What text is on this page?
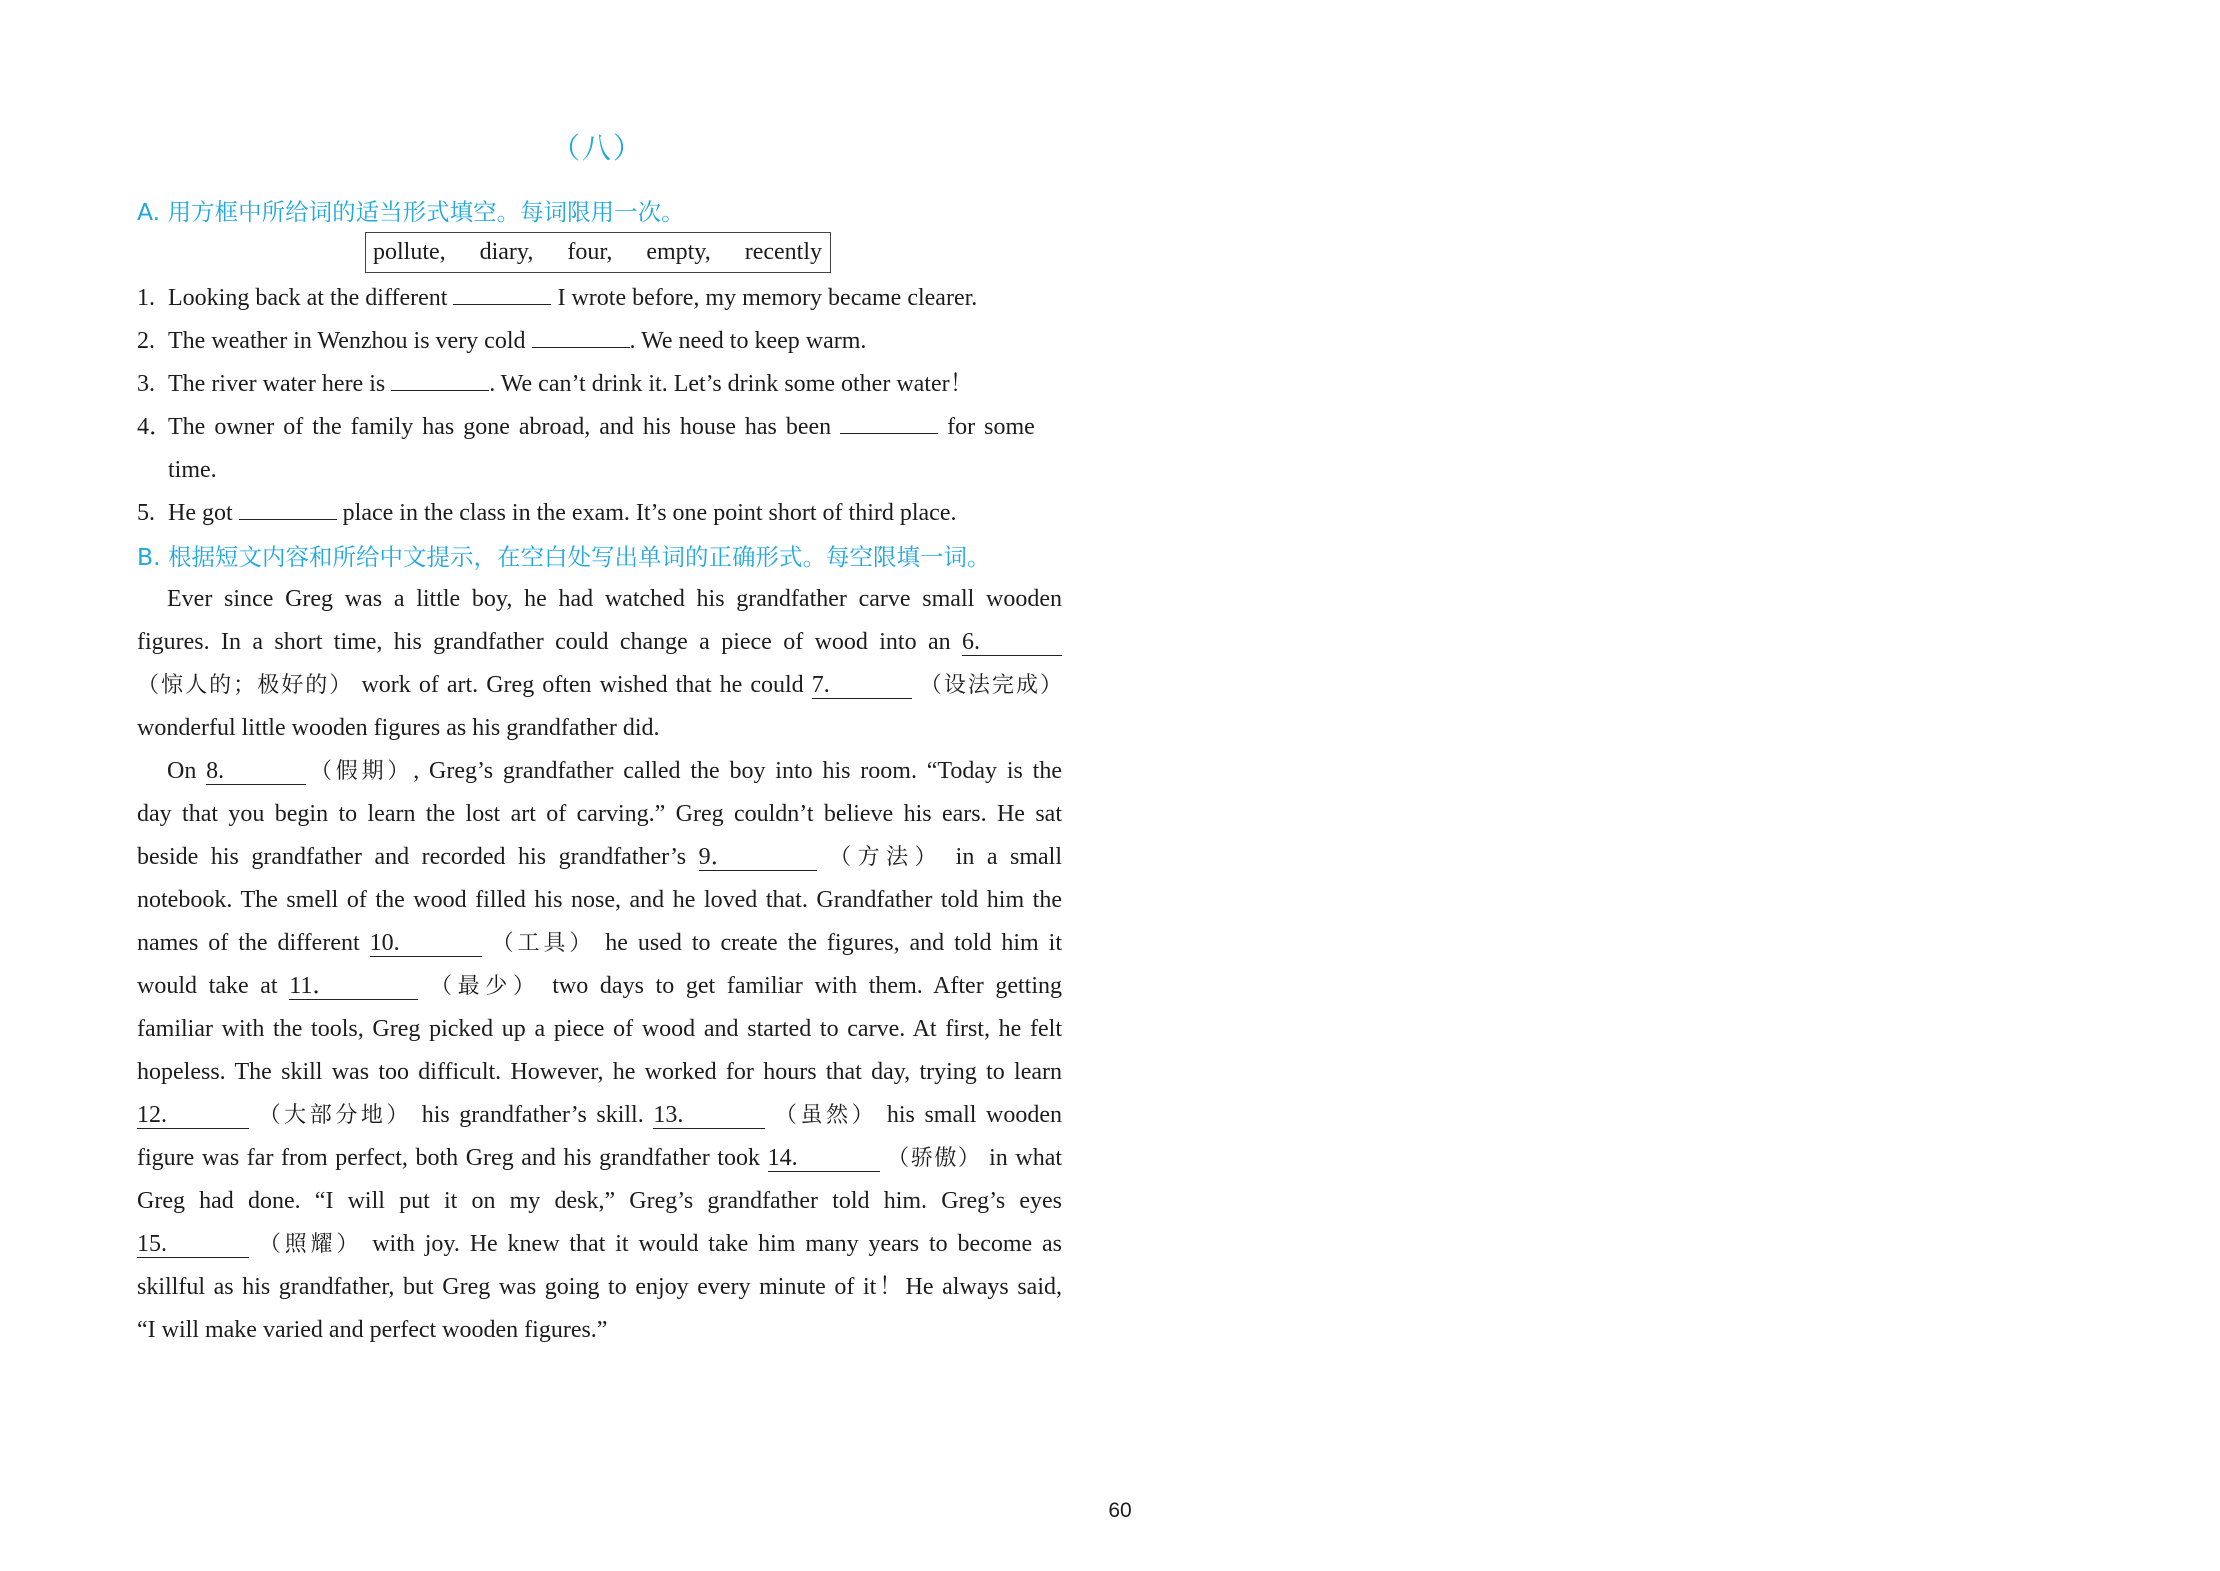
（八）
A. 用方框中所给词的适当形式填空。每词限用一次。
pollute, diary, four, empty, recently
1. Looking back at the different	I wrote before, my memory became clearer.
2. The weather in Wenzhou is very cold	. We need to keep warm.
3. The river water here is	. We can’t drink it. Let’s drink some other water！
4．The owner of the family has gone abroad, and his house has been	for some
time.
5. He got	place in the class in the exam. It’s one point short of third place.
B. 根据短文内容和所给中文提示，在空白处写出单词的正确形式。每空限填一词。
Ever since Greg was a little boy, he had watched his grandfather carve small wooden
figures. In a short time, his grandfather could change a piece of wood into an 6.
（惊人的；极好的） work of art. Greg often wished that he could 7.	（设法完成）
wonderful little wooden figures as his grandfather did.
On 8.	（假期）, Greg’s grandfather called the boy into his room. “Today is the
day that you begin to learn the lost art of carving.” Greg couldn’t believe his ears. He sat
beside his grandfather and recorded his grandfather’s 9．	（方法） in a small
notebook. The smell of the wood filled his nose, and he loved that. Grandfather told him the
names of the different 10.	（工具） he used to create the figures, and told him it
would take at 11．	（最少） two days to get familiar with them. After getting
familiar with the tools, Greg picked up a piece of wood and started to carve. At first, he felt
hopeless. The skill was too difficult. However, he worked for hours that day, trying to learn
12.	（大部分地） his grandfather’s skill. 13.	（虽然） his small wooden
figure was far from perfect, both Greg and his grandfather took 14.	（骄傲） in what
Greg had done. “I will put it on my desk,” Greg’s grandfather told him. Greg’s eyes
15.	（照耀） with joy. He knew that it would take him many years to become as
skillful as his grandfather, but Greg was going to enjoy every minute of it！He always said,
“I will make varied and perfect wooden figures.”
60
